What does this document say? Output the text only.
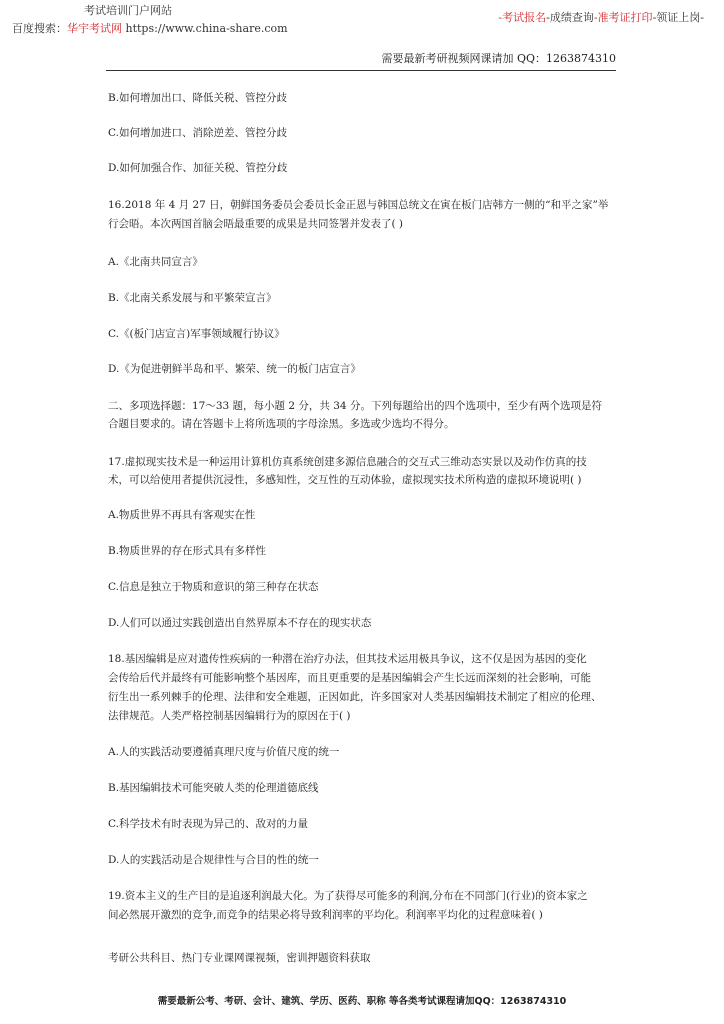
考试培训门户网站
百度搜索：华宇考试网 https://www.china-share.com
-考试报名-成绩查询-准考证打印-领证上岗-
需要最新考研视频网课请加 QQ：1263874310

B.如何增加出口、降低关税、管控分歧

C.如何增加进口、消除逆差、管控分歧

D.如何加强合作、加征关税、管控分歧

16.2018 年 4 月 27 日，朝鲜国务委员会委员长金正恩与韩国总统文在寅在板门店韩方一侧的“和平之家”举

行会晤。本次两国首脑会晤最重要的成果是共同签署并发表了( )

A.《北南共同宣言》

B.《北南关系发展与和平繁荣宣言》

C.《(板门店宣言)军事领域履行协议》

D.《为促进朝鲜半岛和平、繁荣、统一的板门店宣言》

二、多项选择题：17～33 题，每小题 2 分，共 34 分。下列每题给出的四个选项中，至少有两个选项是符

合题目要求的。请在答题卡上将所选项的字母涂黑。多选或少选均不得分。

17.虚拟现实技术是一种运用计算机仿真系统创建多源信息融合的交互式三维动态实景以及动作仿真的技

术，可以给使用者提供沉浸性，多感知性，交互性的互动体验，虚拟现实技术所构造的虚拟环境说明( )

A.物质世界不再具有客观实在性

B.物质世界的存在形式具有多样性

C.信息是独立于物质和意识的第三种存在状态

D.人们可以通过实践创造出自然界原本不存在的现实状态

18.基因编辑是应对遗传性疾病的一种潜在治疗办法，但其技术运用极具争议，这不仅是因为基因的变化

会传给后代并最终有可能影响整个基因库，而且更重要的是基因编辑会产生长远而深刻的社会影响，可能

衍生出一系列棘手的伦理、法律和安全难题，正因如此，许多国家对人类基因编辑技术制定了相应的伦理、

法律规范。人类严格控制基因编辑行为的原因在于( )

A.人的实践活动要遵循真理尺度与价值尺度的统一

B.基因编辑技术可能突破人类的伦理道德底线

C.科学技术有时表现为异己的、敌对的力量

D.人的实践活动是合规律性与合目的性的统一

19.资本主义的生产目的是追逐利润最大化。为了获得尽可能多的利润,分布在不同部门(行业)的资本家之

间必然展开激烈的竞争,而竞争的结果必将导致利润率的平均化。利润率平均化的过程意味着( )

考研公共科目、热门专业课网课视频，密训押题资料获取
需要最新公考、考研、会计、建筑、学历、医药、职称 等各类考试课程请加QQ：1263874310
